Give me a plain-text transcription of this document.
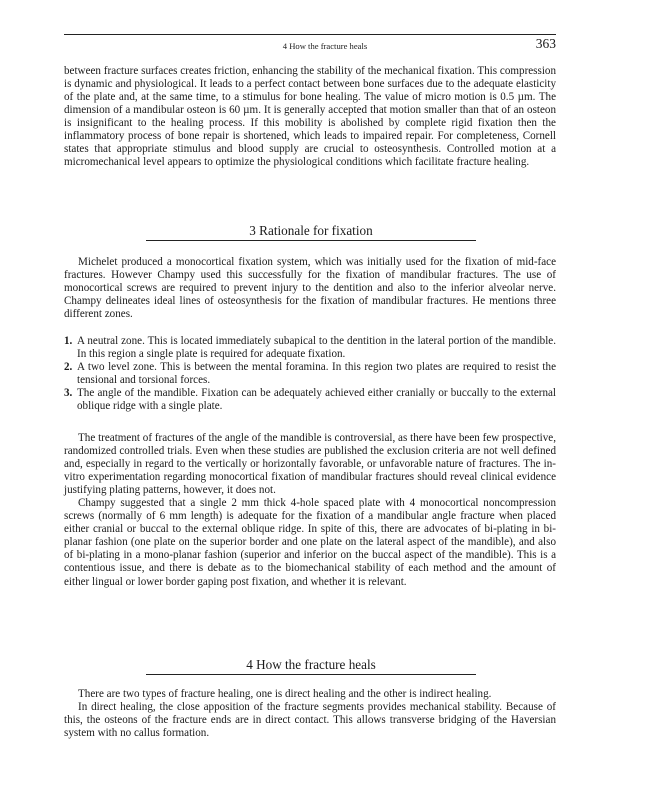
4 How the fracture heals	363

between fracture surfaces creates friction, enhancing the stability of the mechanical fixation. This compression is dynamic and physiological. It leads to a perfect contact between bone surfaces due to the adequate elasticity of the plate and, at the same time, to a stimulus for bone healing. The value of micro motion is 0.5 µm. The dimension of a mandibular osteon is 60 µm. It is generally accepted that motion smaller than that of an osteon is insignificant to the healing process. If this mobility is abolished by complete rigid fixation then the inflammatory process of bone repair is shortened, which leads to impaired repair. For completeness, Cornell states that appropriate stimulus and blood supply are crucial to osteosynthesis. Controlled motion at a micromechanical level appears to optimize the physiological conditions which facilitate fracture healing.

3 Rationale for fixation

Michelet produced a monocortical fixation system, which was initially used for the fixation of mid-face fractures. However Champy used this successfully for the fixation of mandibular fractures. The use of monocortical screws are required to prevent injury to the dentition and also to the inferior alveolar nerve. Champy delineates ideal lines of osteosynthesis for the fixation of mandibular fractures. He mentions three different zones.

1. A neutral zone. This is located immediately subapical to the dentition in the lateral portion of the mandible. In this region a single plate is required for adequate fixation.
2. A two level zone. This is between the mental foramina. In this region two plates are required to resist the tensional and torsional forces.
3. The angle of the mandible. Fixation can be adequately achieved either cranially or buccally to the external oblique ridge with a single plate.

The treatment of fractures of the angle of the mandible is controversial, as there have been few prospective, randomized controlled trials. Even when these studies are published the exclusion criteria are not well defined and, especially in regard to the vertically or horizontally favorable, or unfavorable nature of fractures. The in-vitro experimentation regarding monocortical fixation of mandibular fractures should reveal clinical evidence justifying plating patterns, however, it does not.

Champy suggested that a single 2 mm thick 4-hole spaced plate with 4 monocortical noncompression screws (normally of 6 mm length) is adequate for the fixation of a mandibular angle fracture when placed either cranial or buccal to the external oblique ridge. In spite of this, there are advocates of bi-plating in bi-planar fashion (one plate on the superior border and one plate on the lateral aspect of the mandible), and also of bi-plating in a mono-planar fashion (superior and inferior on the buccal aspect of the mandible). This is a contentious issue, and there is debate as to the biomechanical stability of each method and the amount of either lingual or lower border gaping post fixation, and whether it is relevant.

4 How the fracture heals

There are two types of fracture healing, one is direct healing and the other is indirect healing.

In direct healing, the close apposition of the fracture segments provides mechanical stability. Because of this, the osteons of the fracture ends are in direct contact. This allows transverse bridging of the Haversian system with no callus formation.
